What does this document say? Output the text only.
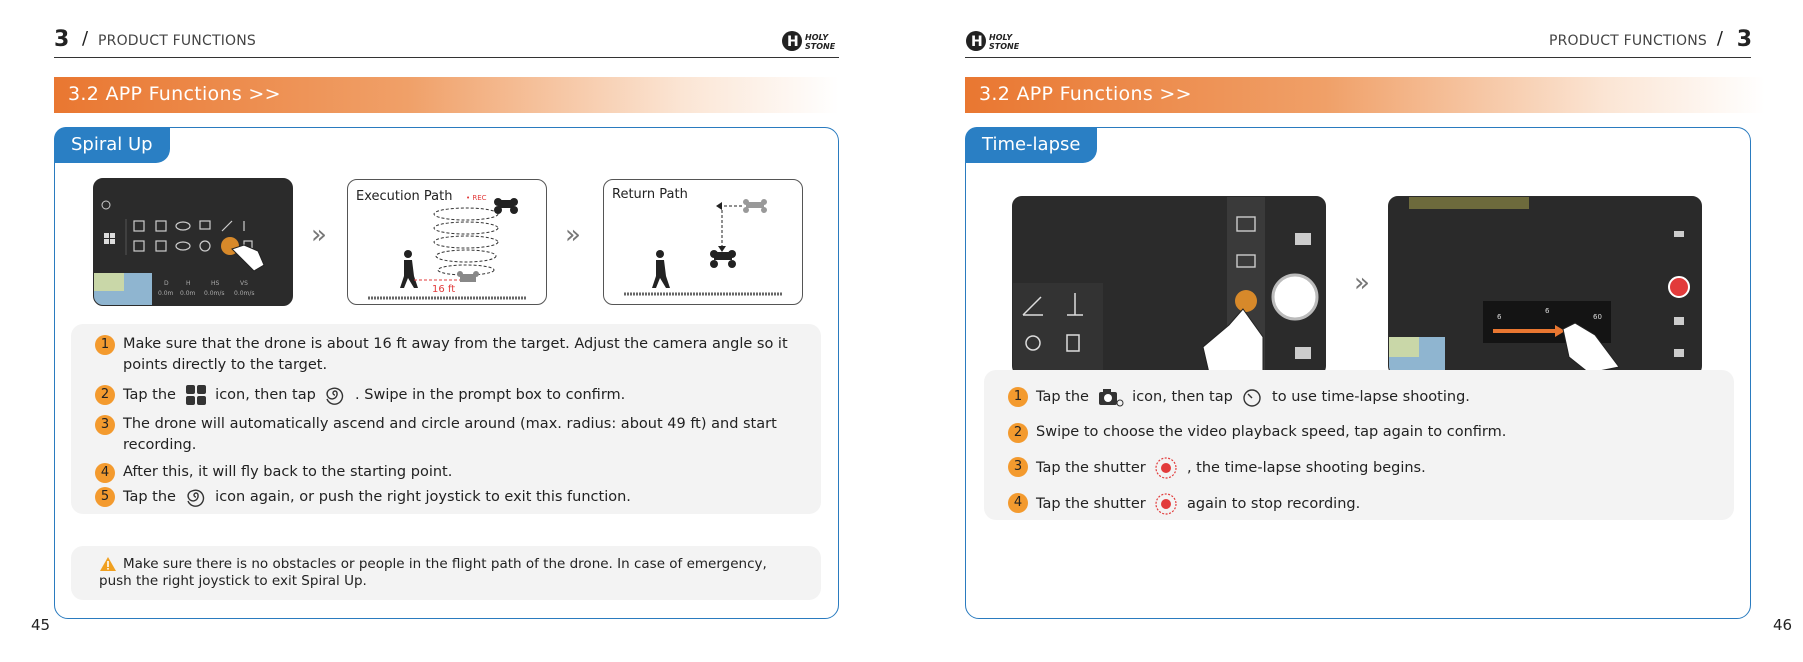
3 / PRODUCT FUNCTIONS	H HOLY
STONE
3.2 APP Functions >>
Spiral Up
D	H	HS	VS
0.0m 0.0m 0.0m/s 0.0m/s
»
Execution Path • REC
16 ft
»
Return Path
1 Make sure that the drone is about 16 ft away from the target. Adjust the camera angle so it
points directly to the target.
2 Tap the	icon, then tap	. Swipe in the prompt box to confirm.
3 The drone will automatically ascend and circle around (max. radius: about 49 ft) and start
recording.
4 After this, it will fly back to the starting point.
5 Tap the	icon again, or push the right joystick to exit this function.
Make sure there is no obstacles or people in the flight path of the drone. In case of emergency,
push the right joystick to exit Spiral Up.
45
H HOLY
STONE	PRODUCT FUNCTIONS / 3
3.2 APP Functions >>
Time-lapse
»
6
6
60
1 Tap the	icon, then tap	to use time-lapse shooting.
2 Swipe to choose the video playback speed, tap again to confirm.
3 Tap the shutter	, the time-lapse shooting begins.
4 Tap the shutter	again to stop recording.
46
